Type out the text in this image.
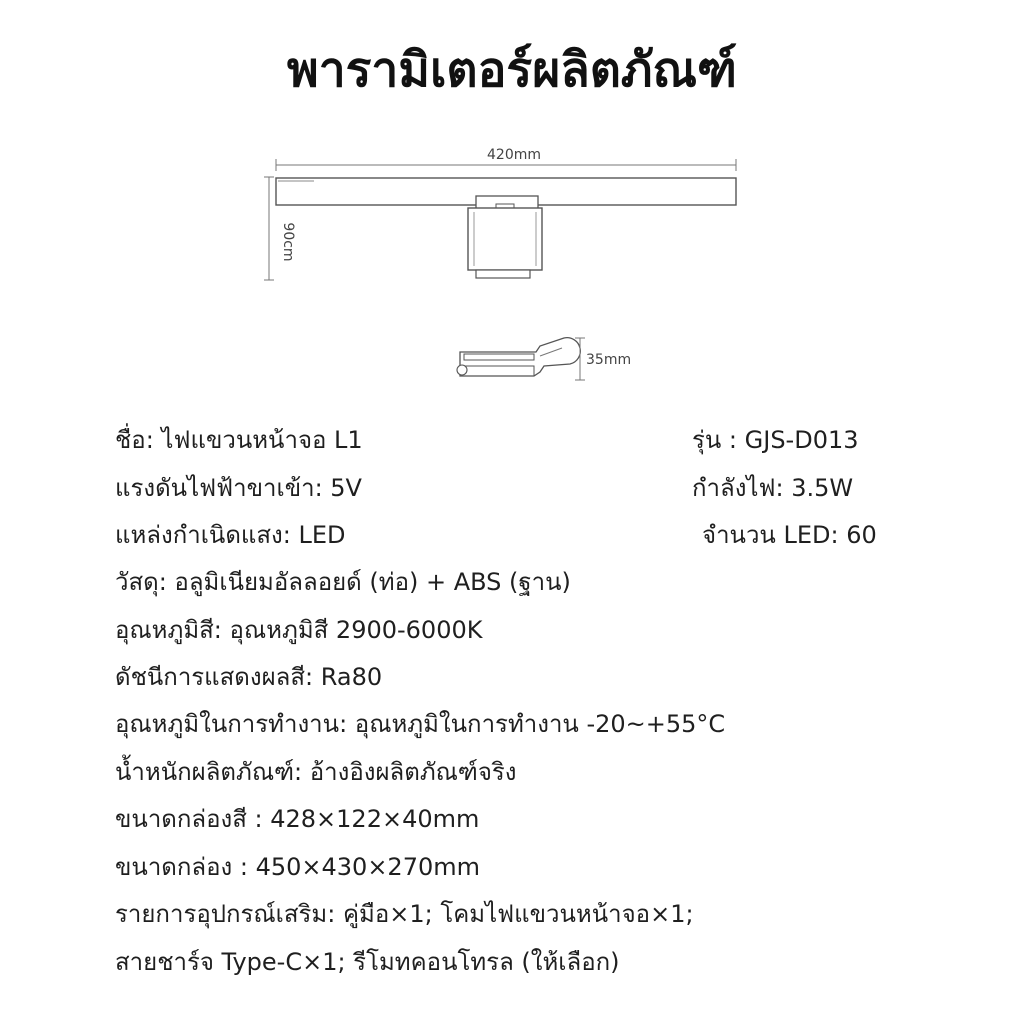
พารามิเตอร์ผลิตภัณฑ์
420mm
90cm
35mm
ชื่อ: ไฟแขวนหน้าจอ L1	รุ่น : GJS-D013
แรงดันไฟฟ้าขาเข้า: 5V	กำลังไฟ: 3.5W
แหล่งกำเนิดแสง: LED	จำนวน LED: 60
วัสดุ: อลูมิเนียมอัลลอยด์ (ท่อ) + ABS (ฐาน)
อุณหภูมิสี: อุณหภูมิสี 2900-6000K
ดัชนีการแสดงผลสี: Ra80
อุณหภูมิในการทำงาน: อุณหภูมิในการทำงาน -20~+55°C
น้ำหนักผลิตภัณฑ์: อ้างอิงผลิตภัณฑ์จริง
ขนาดกล่องสี : 428×122×40mm
ขนาดกล่อง : 450×430×270mm
รายการอุปกรณ์เสริม: คู่มือ×1; โคมไฟแขวนหน้าจอ×1;
สายชาร์จ Type-C×1; รีโมทคอนโทรล (ให้เลือก)
